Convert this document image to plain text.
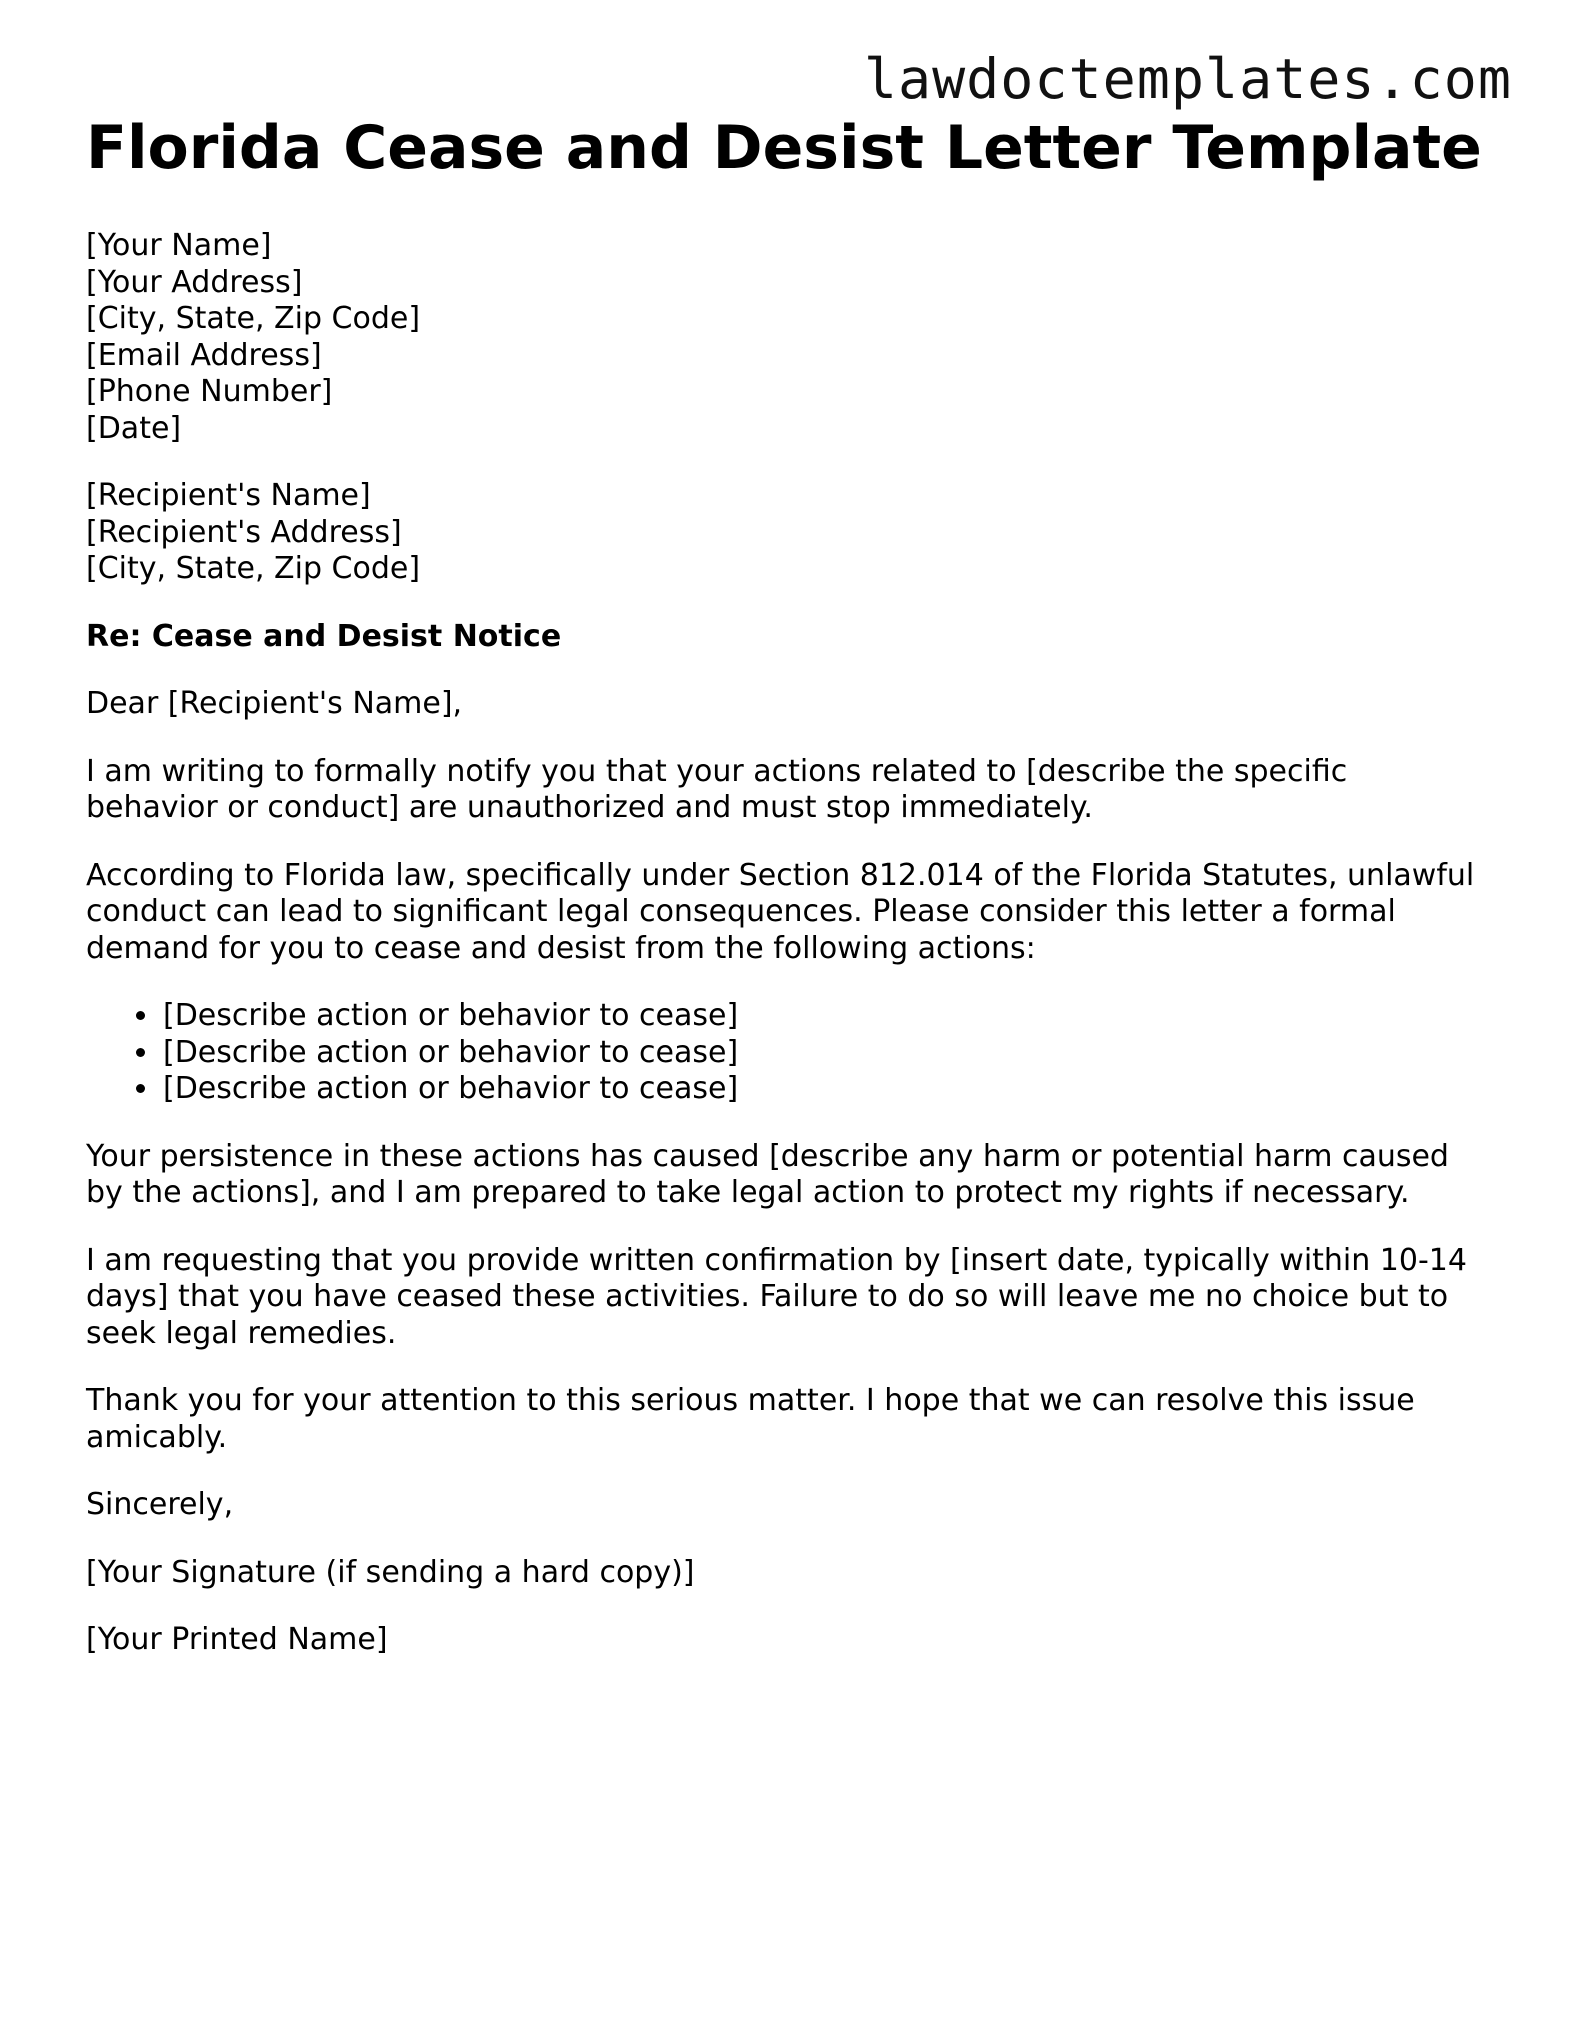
lawdoctemplates.com
Florida Cease and Desist Letter Template
[Your Name]
[Your Address]
[City, State, Zip Code]
[Email Address]
[Phone Number]
[Date]
[Recipient's Name]
[Recipient's Address]
[City, State, Zip Code]

Re: Cease and Desist Notice

Dear [Recipient's Name],

I am writing to formally notify you that your actions related to [describe the specific behavior or conduct] are unauthorized and must stop immediately.

According to Florida law, specifically under Section 812.014 of the Florida Statutes, unlawful conduct can lead to significant legal consequences. Please consider this letter a formal demand for you to cease and desist from the following actions:

• [Describe action or behavior to cease]
• [Describe action or behavior to cease]
• [Describe action or behavior to cease]

Your persistence in these actions has caused [describe any harm or potential harm caused by the actions], and I am prepared to take legal action to protect my rights if necessary.

I am requesting that you provide written confirmation by [insert date, typically within 10-14 days] that you have ceased these activities. Failure to do so will leave me no choice but to seek legal remedies.

Thank you for your attention to this serious matter. I hope that we can resolve this issue amicably.

Sincerely,

[Your Signature (if sending a hard copy)]

[Your Printed Name]
